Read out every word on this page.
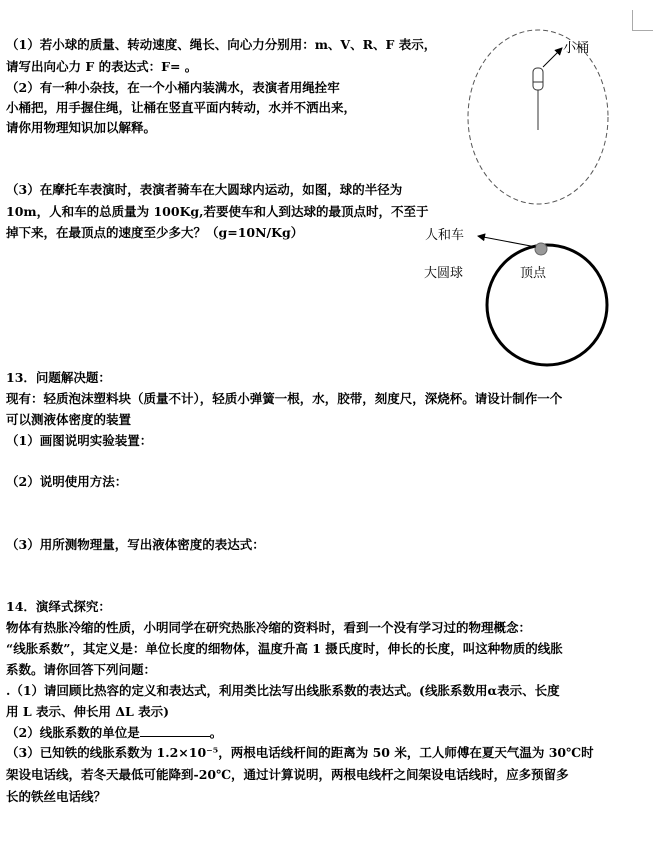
（1）若小球的质量、转动速度、绳长、向心力分别用：m、V、R、F 表示，
请写出向心力 F 的表达式：F= 。
（2）有一种小杂技，在一个小桶内装满水，表演者用绳拴牢
小桶把，用手握住绳，让桶在竖直平面内转动，水并不洒出来，
请你用物理知识加以解释。
（3）在摩托车表演时，表演者骑车在大圆球内运动，如图，球的半径为
10m，人和车的总质量为 100Kg,若要使车和人到达球的最顶点时，不至于
掉下来，在最顶点的速度至少多大？（g=10N/Kg）
13．问题解决题：
现有：轻质泡沫塑料块（质量不计），轻质小弹簧一根，水，胶带，刻度尺，深烧杯。请设计制作一个
可以测液体密度的装置
（1）画图说明实验装置：
（2）说明使用方法：
（3）用所测物理量，写出液体密度的表达式：
14．演绎式探究：
物体有热胀冷缩的性质，小明同学在研究热胀冷缩的资料时，看到一个没有学习过的物理概念：
“线胀系数”，其定义是：单位长度的细物体，温度升高 1 摄氏度时，伸长的长度，叫这种物质的线胀
系数。请你回答下列问题：
.（1）请回顾比热容的定义和表达式，利用类比法写出线胀系数的表达式。(线胀系数用α表示、长度
用 L 表示、伸长用 ΔL 表示)
（2）线胀系数的单位是	。
（3）已知铁的线胀系数为 1.2×10⁻⁵，两根电话线杆间的距离为 50 米，工人师傅在夏天气温为 30℃时
架设电话线，若冬天最低可能降到-20℃，通过计算说明，两根电线杆之间架设电话线时，应多预留多
长的铁丝电话线？
小桶
人和车
大圆球	顶点
